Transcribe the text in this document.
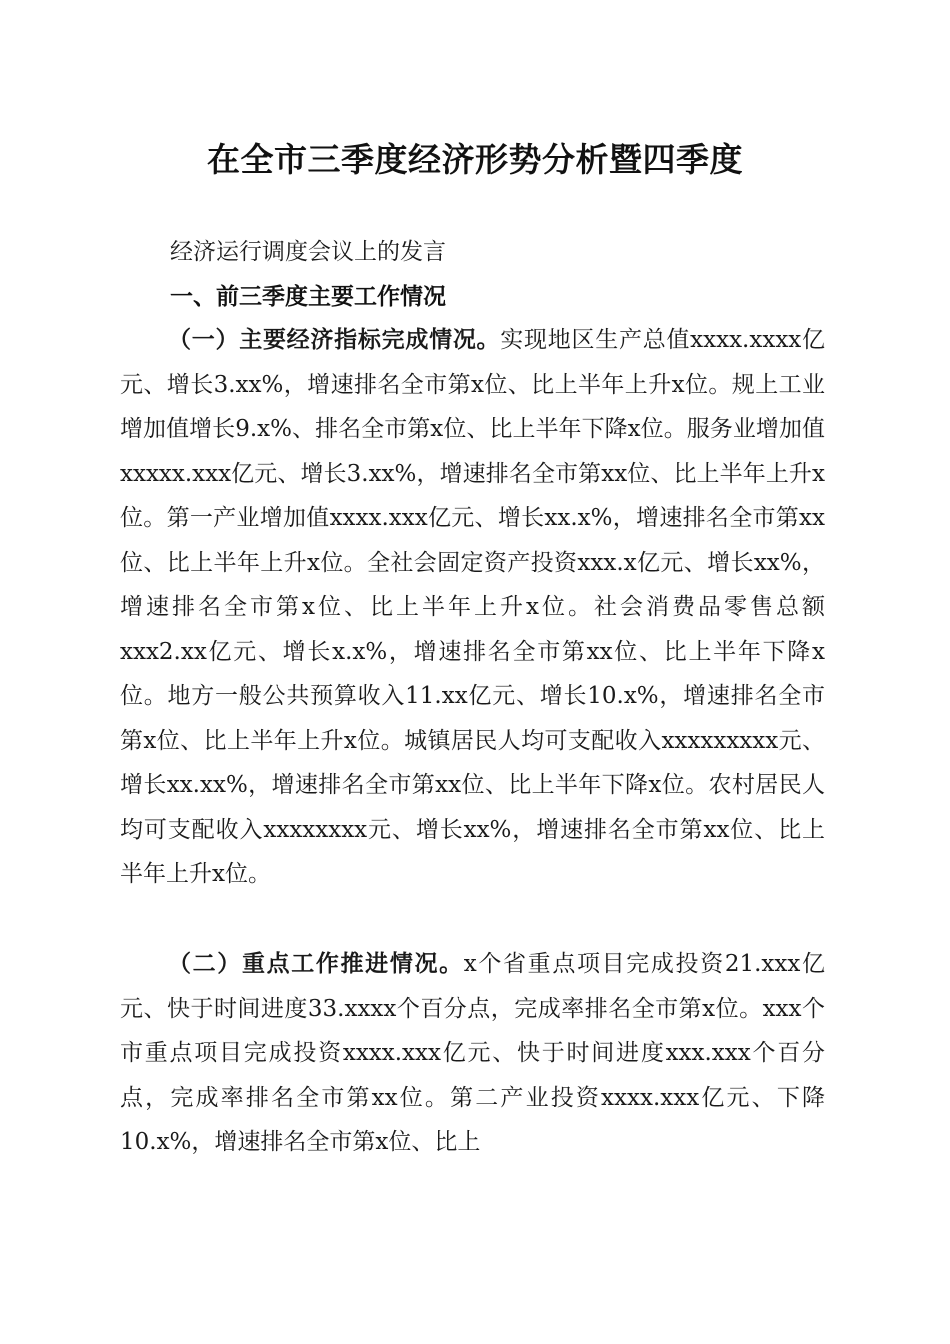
在全市三季度经济形势分析暨四季度
经济运行调度会议上的发言
一、前三季度主要工作情况

（一）主要经济指标完成情况。实现地区生产总值xxxx.xxxx亿元、增长3.xx%，增速排名全市第x位、比上半年上升x位。规上工业增加值增长9.x%、排名全市第x位、比上半年下降x位。服务业增加值xxxxx.xxx亿元、增长3.xx%，增速排名全市第xx位、比上半年上升x位。第一产业增加值xxxx.xxx亿元、增长xx.x%，增速排名全市第xx位、比上半年上升x位。全社会固定资产投资xxx.x亿元、增长xx%，增速排名全市第x位、比上半年上升x位。社会消费品零售总额xxx2.xx亿元、增长x.x%，增速排名全市第xx位、比上半年下降x位。地方一般公共预算收入11.xx亿元、增长10.x%，增速排名全市第x位、比上半年上升x位。城镇居民人均可支配收入xxxxxxxxx元、增长xx.xx%，增速排名全市第xx位、比上半年下降x位。农村居民人均可支配收入xxxxxxxx元、增长xx%，增速排名全市第xx位、比上半年上升x位。

（二）重点工作推进情况。x个省重点项目完成投资21.xxx亿元、快于时间进度33.xxxx个百分点，完成率排名全市第x位。xxx个市重点项目完成投资xxxx.xxx亿元、快于时间进度xxx.xxx个百分点，完成率排名全市第xx位。第二产业投资xxxx.xxx亿元、下降10.x%，增速排名全市第x位、比上
